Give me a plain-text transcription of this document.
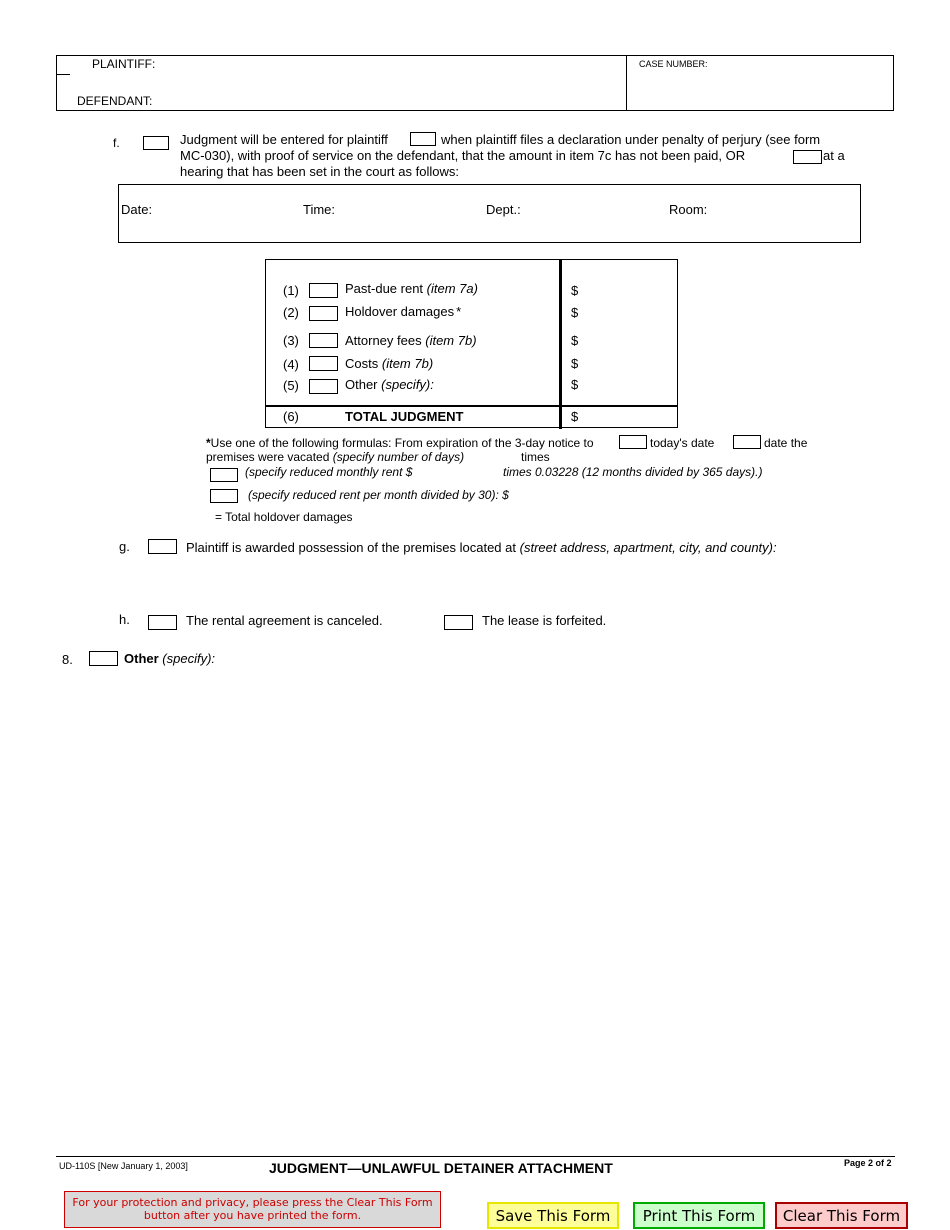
PLAINTIFF:
DEFENDANT:
CASE NUMBER:
f.	Judgment will be entered for plaintiff	when plaintiff files a declaration under penalty of perjury (see form
MC-030), with proof of service on the defendant, that the amount in item 7c has not been paid, OR	at a
hearing that has been set in the court as follows:
Date:	Time:	Dept.:	Room:
(1)	Past-due rent (item 7a)	$
(2)	Holdover damages *	$
(3)	Attorney fees (item 7b)	$
(4)	Costs (item 7b)	$
(5)	Other (specify):	$
(6)	TOTAL JUDGMENT	$
*Use one of the following formulas: From expiration of the 3-day notice to	today's date	date the
premises were vacated (specify number of days)	times
(specify reduced monthly rent $	times 0.03228 (12 months divided by 365 days).)
(specify reduced rent per month divided by 30): $
= Total holdover damages
g.	Plaintiff is awarded possession of the premises located at (street address, apartment, city, and county):
h.	The rental agreement is canceled.	The lease is forfeited.
8.	Other (specify):
UD-110S [New January 1, 2003]	JUDGMENT—UNLAWFUL DETAINER ATTACHMENT	Page 2 of 2
For your protection and privacy, please press the Clear This Form
button after you have printed the form.	Save This Form	Print This Form	Clear This Form
